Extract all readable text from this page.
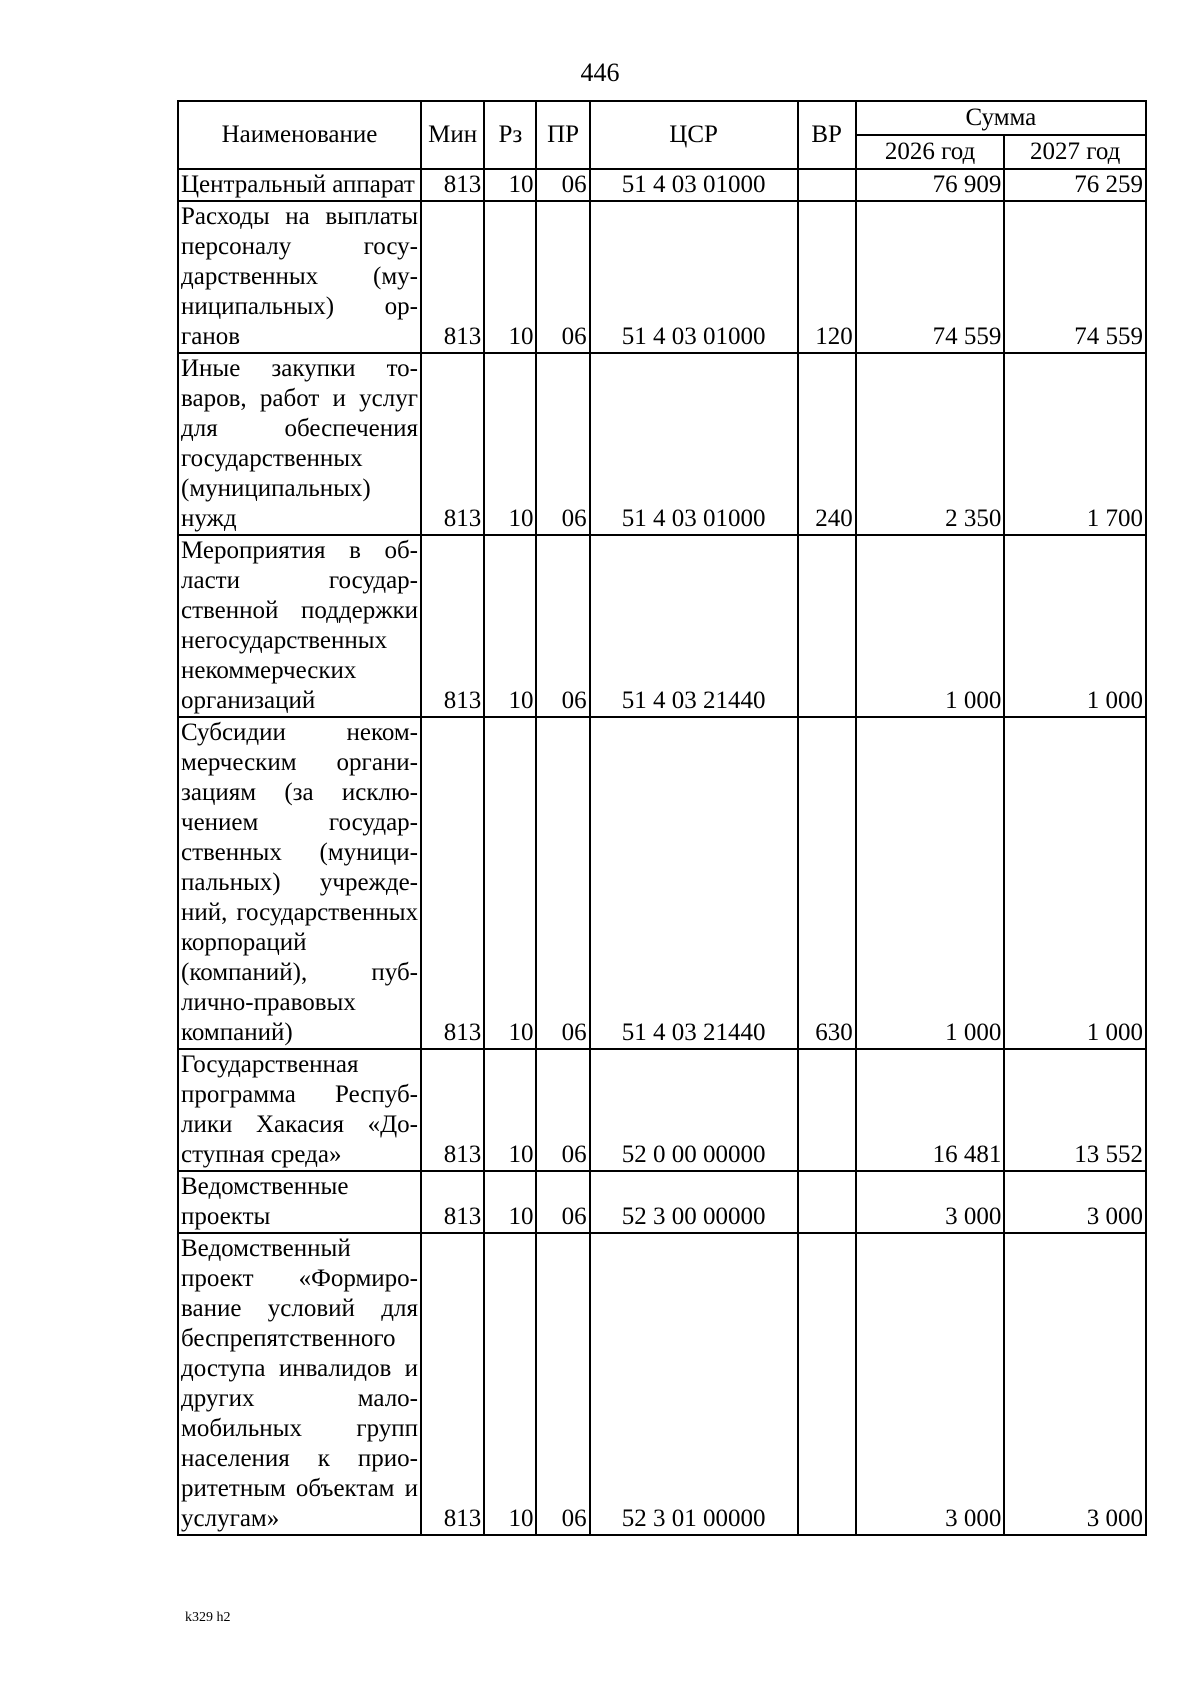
446
Наименование	Мин	Рз	ПР	ЦСР	ВР	Сумма	
						2026 год	2027 год
Центральный аппарат	813	10	06	51 4 03 01000		76 909	76 259
Расходы на выплаты персоналу государственных (муниципальных) органов	813	10	06	51 4 03 01000	120	74 559	74 559
Иные закупки товаров, работ и услуг для обеспечения государственных (муниципальных) нужд	813	10	06	51 4 03 01000	240	2 350	1 700
Мероприятия в области государственной поддержки негосударственных некоммерческих организаций	813	10	06	51 4 03 21440		1 000	1 000
Субсидии некоммерческим организациям (за исключением государственных (муниципальных) учреждений, государственных корпораций (компаний), публично-правовых компаний)	813	10	06	51 4 03 21440	630	1 000	1 000
Государственная программа Республики Хакасия «Доступная среда»	813	10	06	52 0 00 00000		16 481	13 552
Ведомственные проекты	813	10	06	52 3 00 00000		3 000	3 000
Ведомственный проект «Формирование условий для беспрепятственного доступа инвалидов и других маломобильных групп населения к приоритетным объектам и услугам»	813	10	06	52 3 01 00000		3 000	3 000
k329 h2
